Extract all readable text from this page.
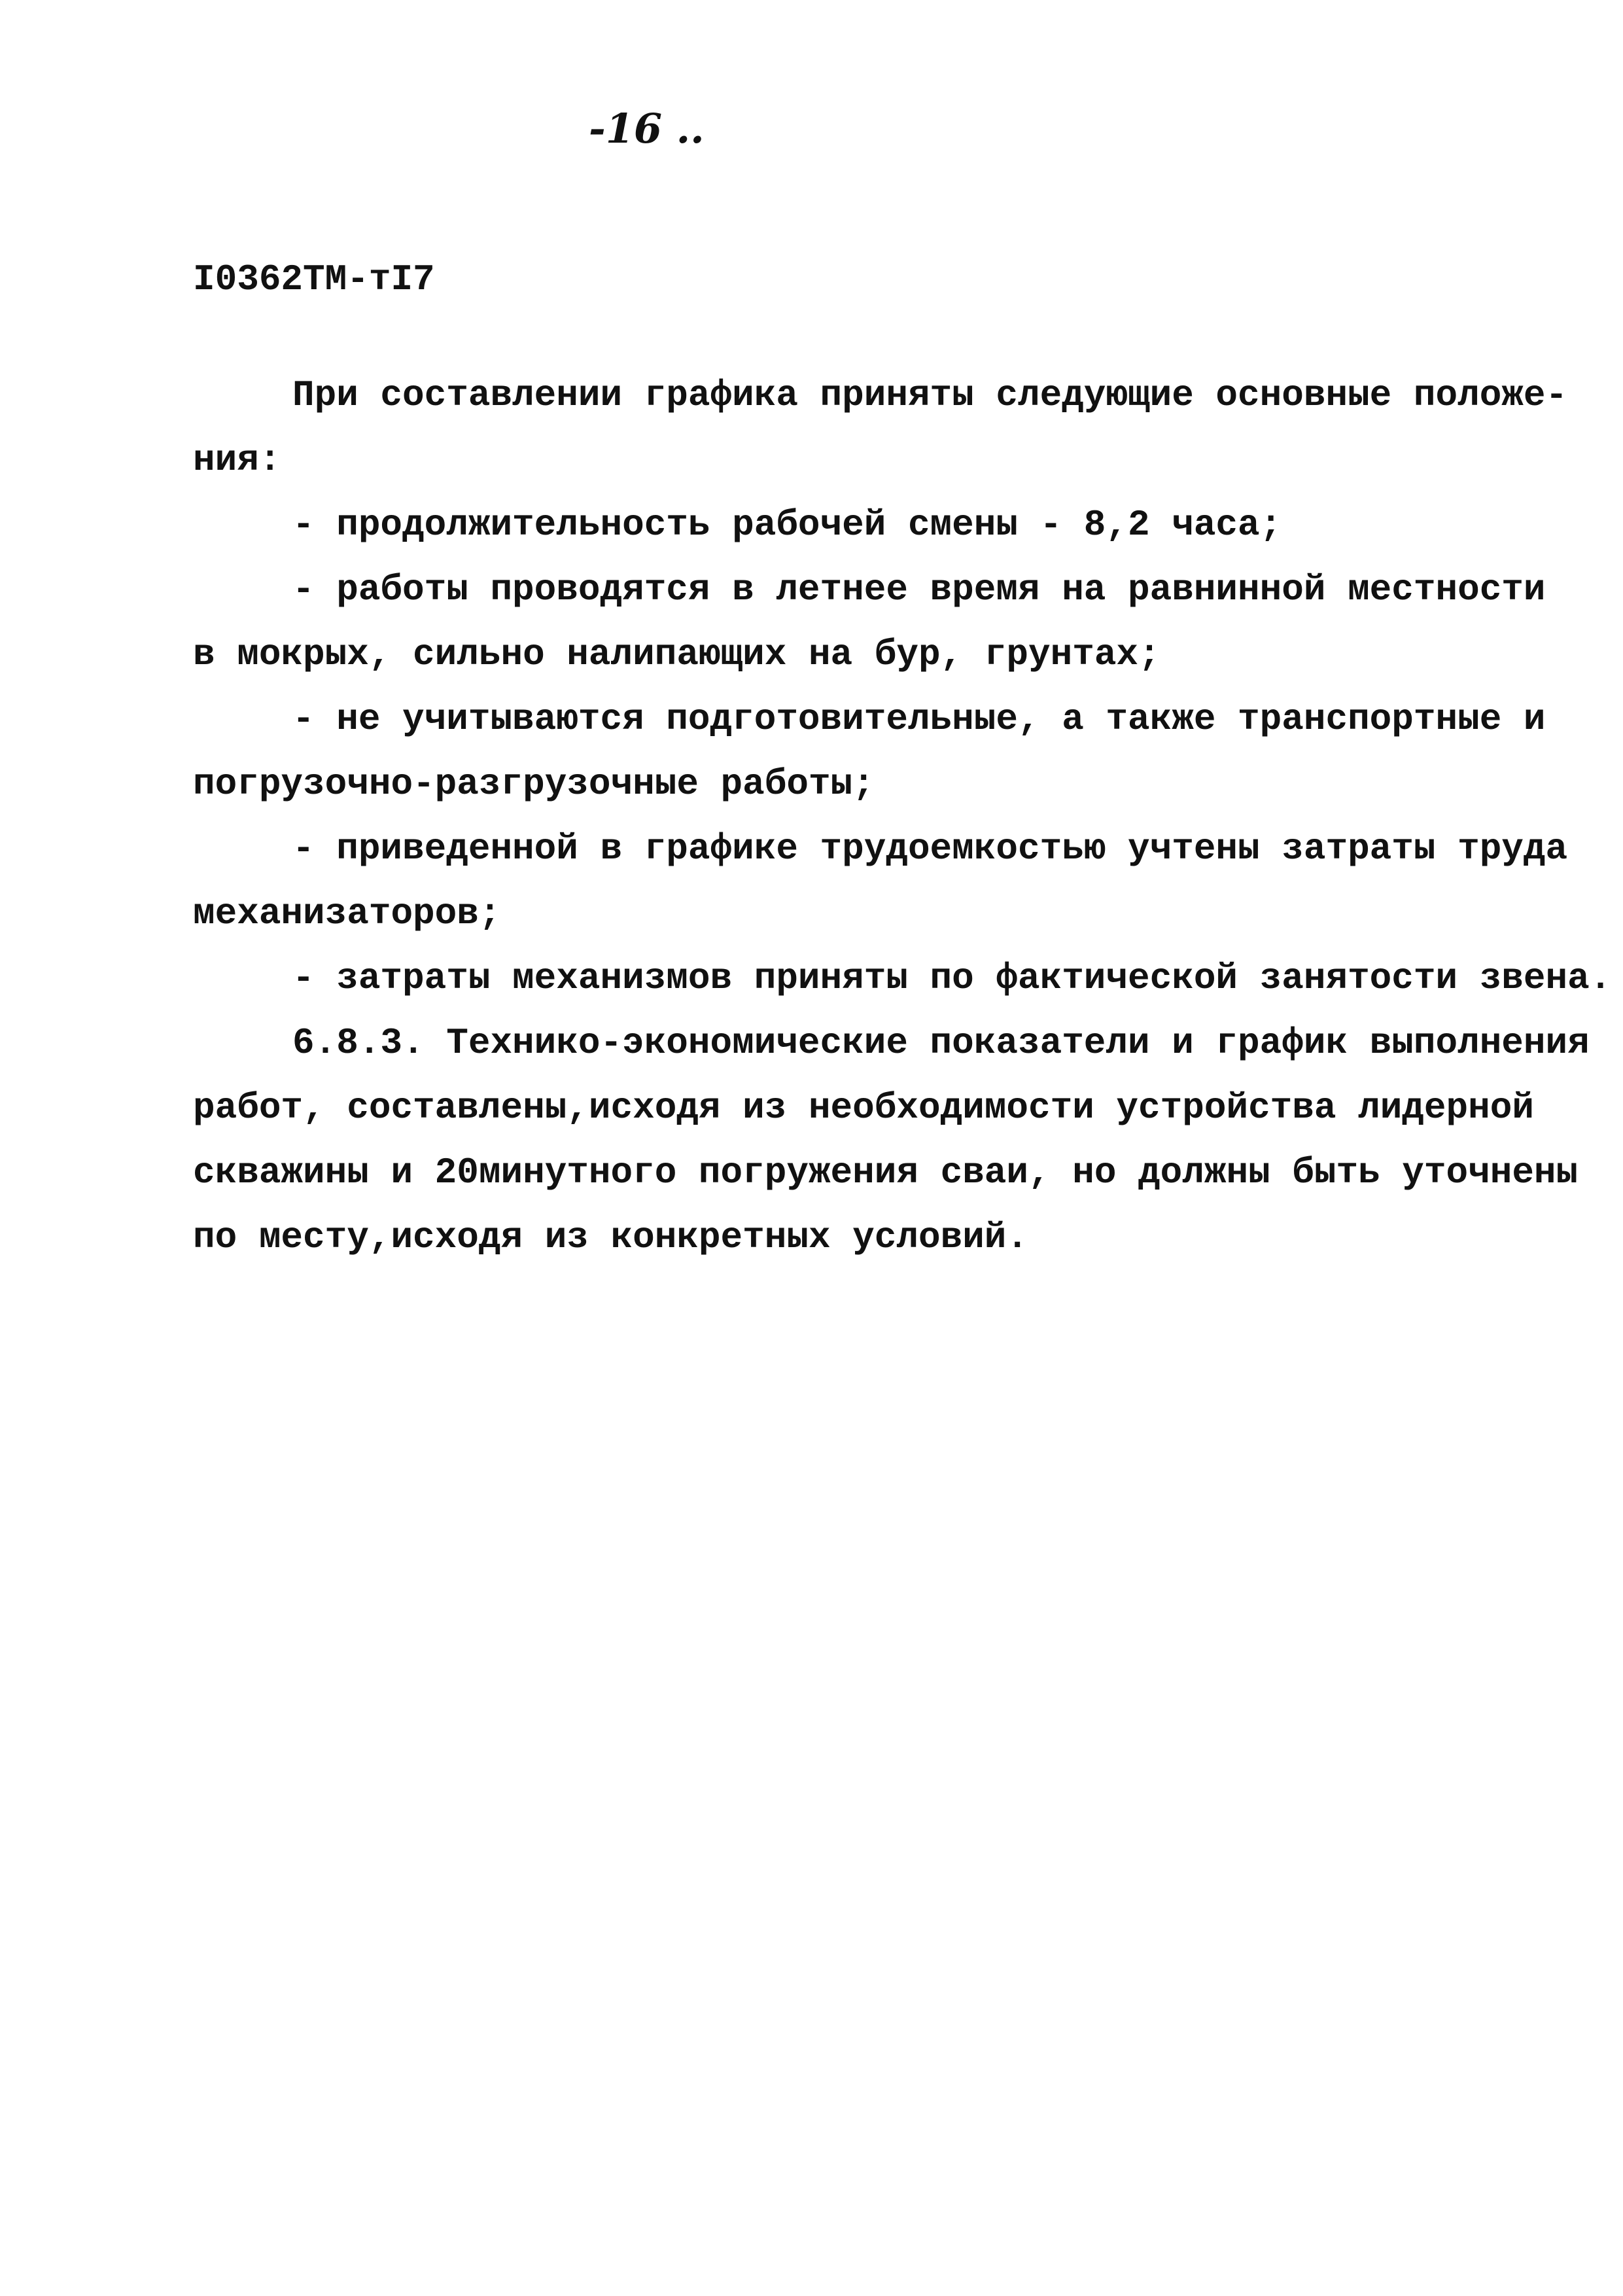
-16 ..
I0362ТМ-тI7
При составлении графика приняты следующие основные положе-
ния:
- продолжительность рабочей смены - 8,2 часа;
- работы проводятся в летнее время на равнинной местности
в мокрых, сильно налипающих на бур, грунтах;
- не учитываются подготовительные, а также транспортные и
погрузочно-разгрузочные работы;
- приведенной в графике трудоемкостью учтены затраты труда
механизаторов;
- затраты механизмов приняты по фактической занятости звена.
6.8.3. Технико-экономические показатели и график выполнения
работ, составлены,исходя из необходимости устройства лидерной
скважины и 20минутного погружения сваи, но должны быть уточнены
по месту,исходя из конкретных условий.
